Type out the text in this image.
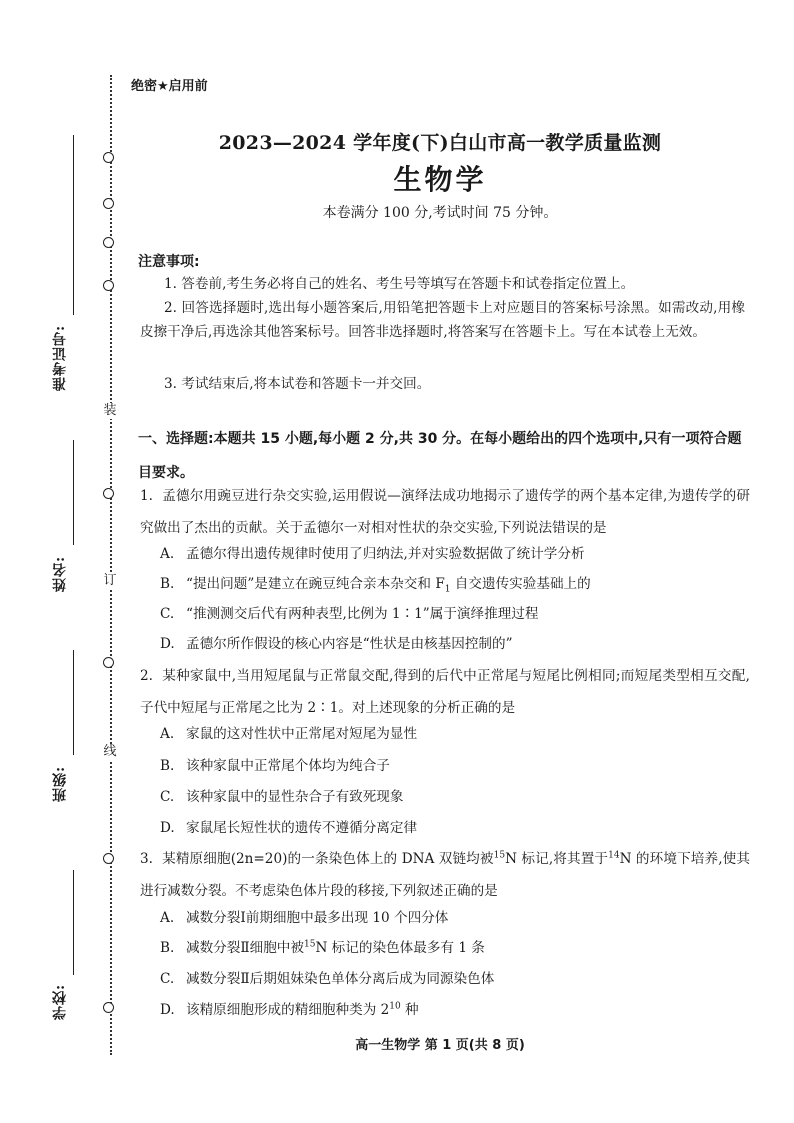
装
订
线
准考证号:
姓名:
班级:
学校:
绝密★启用前
2023—2024 学年度(下)白山市高一教学质量监测
生物学
本卷满分 100 分,考试时间 75 分钟。
注意事项:
1. 答卷前,考生务必将自己的姓名、考生号等填写在答题卡和试卷指定位置上。
2. 回答选择题时,选出每小题答案后,用铅笔把答题卡上对应题目的答案标号涂黑。如需改动,用橡皮擦干净后,再选涂其他答案标号。回答非选择题时,将答案写在答题卡上。写在本试卷上无效。
3. 考试结束后,将本试卷和答题卡一并交回。
一、选择题:本题共 15 小题,每小题 2 分,共 30 分。在每小题给出的四个选项中,只有一项符合题目要求。
1. 孟德尔用豌豆进行杂交实验,运用假说—演绎法成功地揭示了遗传学的两个基本定律,为遗传学的研究做出了杰出的贡献。关于孟德尔一对相对性状的杂交实验,下列说法错误的是
A. 孟德尔得出遗传规律时使用了归纳法,并对实验数据做了统计学分析
B. “提出问题”是建立在豌豆纯合亲本杂交和 $F_1$ 自交遗传实验基础上的
C. “推测测交后代有两种表型,比例为 1∶1”属于演绎推理过程
D. 孟德尔所作假设的核心内容是“性状是由核基因控制的”
2. 某种家鼠中,当用短尾鼠与正常鼠交配,得到的后代中正常尾与短尾比例相同;而短尾类型相互交配,子代中短尾与正常尾之比为 2∶1。对上述现象的分析正确的是
A. 家鼠的这对性状中正常尾对短尾为显性
B. 该种家鼠中正常尾个体均为纯合子
C. 该种家鼠中的显性杂合子有致死现象
D. 家鼠尾长短性状的遗传不遵循分离定律
3. 某精原细胞(2n=20)的一条染色体上的 DNA 双链均被$^{15}$N 标记,将其置于$^{14}$N 的环境下培养,使其进行减数分裂。不考虑染色体片段的移接,下列叙述正确的是
A. 减数分裂Ⅰ前期细胞中最多出现 10 个四分体
B. 减数分裂Ⅱ细胞中被$^{15}$N 标记的染色体最多有 1 条
C. 减数分裂Ⅱ后期姐妹染色单体分离后成为同源染色体
D. 该精原细胞形成的精细胞种类为 $2^{10}$ 种
高一生物学 第 1 页(共 8 页)
